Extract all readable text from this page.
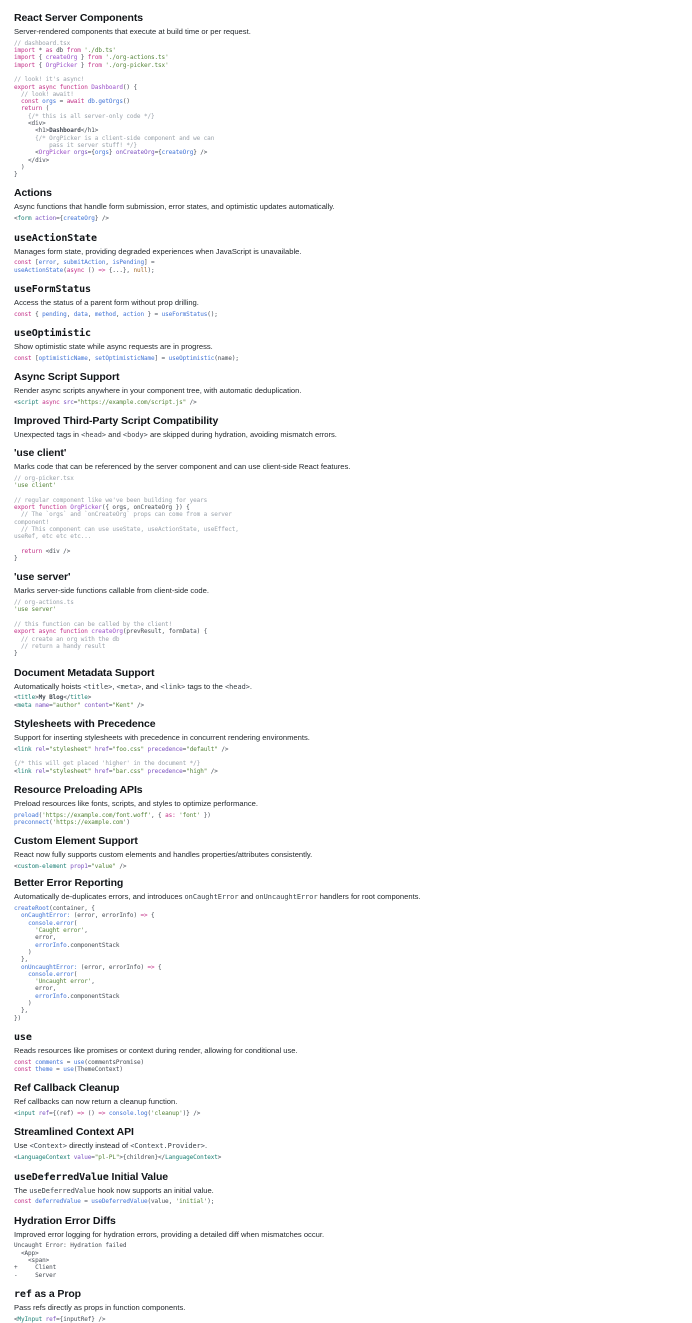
React Server Components

Server-rendered components that execute at build time or per request.

// dashboard.tsx
import * as db from './db.ts'
import { createOrg } from './org-actions.ts'
import { OrgPicker } from './org-picker.tsx'

// look! it's async!
export async function Dashboard() {
// look! await!
const orgs = await db.getOrgs()
return (
{/* this is all server-only code */}
<div>
<h1>Dashboard</h1>
{/* OrgPicker is a client-side component and we can
pass it server stuff! */}
<OrgPicker orgs={orgs} onCreateOrg={createOrg} />
</div>
)
}
Actions

Async functions that handle form submission, error states, and optimistic updates automatically.

<form action={createOrg} />
useActionState

Manages form state, providing degraded experiences when JavaScript is unavailable.

const [error, submitAction, isPending] =
useActionState(async () => {...}, null);
useFormStatus

Access the status of a parent form without prop drilling.

const { pending, data, method, action } = useFormStatus();
useOptimistic

Show optimistic state while async requests are in progress.

const [optimisticName, setOptimisticName] = useOptimistic(name);
Async Script Support

Render async scripts anywhere in your component tree, with automatic deduplication.

<script async src="https://example.com/script.js" />
Improved Third-Party Script Compatibility

Unexpected tags in <head> and <body> are skipped during hydration, avoiding mismatch errors.

'use client'

Marks code that can be referenced by the server component and can use client-side React features.

// org-picker.tsx
'use client'

// regular component like we've been building for years
export function OrgPicker({ orgs, onCreateOrg }) {
// The `orgs` and `onCreateOrg` props can come from a server
component!
// This component can use useState, useActionState, useEffect,
useRef, etc etc etc...

return <div />
}
'use server'

Marks server-side functions callable from client-side code.

// org-actions.ts
'use server'

// this function can be called by the client!
export async function createOrg(prevResult, formData) {
// create an org with the db
// return a handy result
}
Document Metadata Support

Automatically hoists <title>, <meta>, and <link> tags to the <head>.

<title>My Blog</title>
<meta name="author" content="Kent" />
Stylesheets with Precedence

Support for inserting stylesheets with precedence in concurrent rendering environments.

<link rel="stylesheet" href="foo.css" precedence="default" />

{/* this will get placed 'higher' in the document */}
<link rel="stylesheet" href="bar.css" precedence="high" />
Resource Preloading APIs

Preload resources like fonts, scripts, and styles to optimize performance.

preload('https://example.com/font.woff', { as: 'font' })
preconnect('https://example.com')
Custom Element Support

React now fully supports custom elements and handles properties/attributes consistently.

<custom-element prop1="value" />
Better Error Reporting

Automatically de-duplicates errors, and introduces onCaughtError and onUncaughtError handlers for root components.

createRoot(container, {
onCaughtError: (error, errorInfo) => {
console.error(
'Caught error',
error,
errorInfo.componentStack
)
},
onUncaughtError: (error, errorInfo) => {
console.error(
'Uncaught error',
error,
errorInfo.componentStack
)
},
})
use

Reads resources like promises or context during render, allowing for conditional use.

const comments = use(commentsPromise)
const theme = use(ThemeContext)
Ref Callback Cleanup

Ref callbacks can now return a cleanup function.

<input ref={(ref) => () => console.log('cleanup')} />
Streamlined Context API

Use <Context> directly instead of <Context.Provider>.

<LanguageContext value="pl-PL">{children}</LanguageContext>
useDeferredValue Initial Value

The useDeferredValue hook now supports an initial value.

const deferredValue = useDeferredValue(value, 'initial');
Hydration Error Diffs

Improved error logging for hydration errors, providing a detailed diff when mismatches occur.

Uncaught Error: Hydration failed
<App>
<span>
+     Client
-     Server
ref as a Prop

Pass refs directly as props in function components.

<MyInput ref={inputRef} />
